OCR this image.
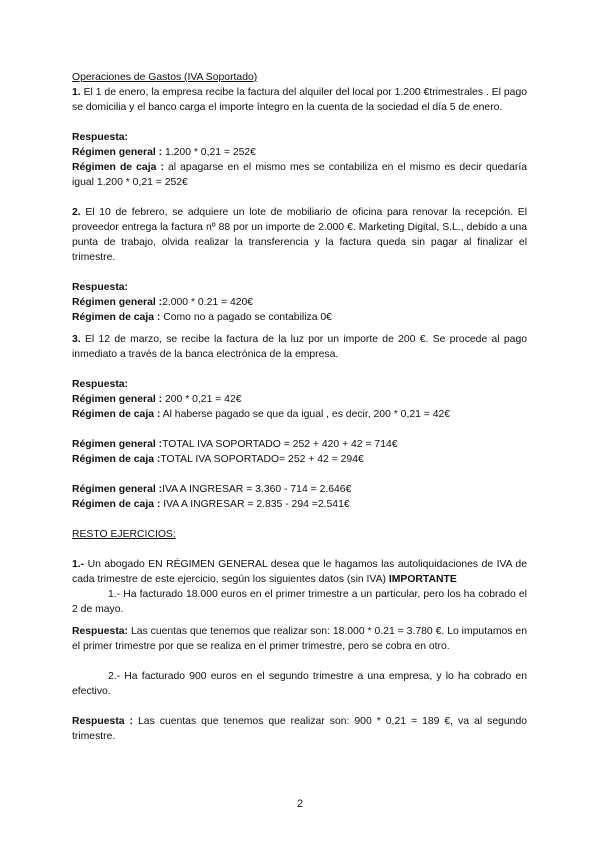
Operaciones de Gastos (IVA Soportado)

1. El 1 de enero, la empresa recibe la factura del alquiler del local por 1.200 €trimestrales . El pago se domicilia y el banco carga el importe íntegro en la cuenta de la sociedad el día 5 de enero.

Respuesta:

Régimen general : 1.200 * 0,21 = 252€

Régimen de caja : al apagarse en el mismo mes se contabiliza en el mismo es decir quedaría igual 1.200 * 0,21 = 252€

2. El 10 de febrero, se adquiere un lote de mobiliario de oficina para renovar la recepción. El proveedor entrega la factura nº 88 por un importe de 2.000 €. Marketing Digital, S.L., debido a una punta de trabajo, olvida realizar la transferencia y la factura queda sin pagar al finalizar el trimestre.

Respuesta:

Régimen general :2.000 * 0.21 = 420€

Régimen de caja : Como no a pagado se contabiliza 0€

3. El 12 de marzo, se recibe la factura de la luz por un importe de 200 €. Se procede al pago inmediato a través de la banca electrónica de la empresa.

Respuesta:

Régimen general : 200 * 0,21 = 42€

Régimen de caja : Al haberse pagado se que da igual , es decir, 200 * 0,21 = 42€

Régimen general :TOTAL IVA SOPORTADO = 252 + 420 + 42 = 714€

Régimen de caja :TOTAL IVA SOPORTADO= 252 + 42 = 294€

Régimen general :IVA A INGRESAR = 3.360 - 714 = 2.646€

Régimen de caja : IVA A INGRESAR = 2.835 - 294 =2.541€

RESTO EJERCICIOS:

1.- Un abogado EN RÉGIMEN GENERAL desea que le hagamos las autoliquidaciones de IVA de cada trimestre de este ejercicio, según los siguientes datos (sin IVA) IMPORTANTE

1.- Ha facturado 18.000 euros en el primer trimestre a un particular, pero los ha cobrado el 2 de mayo.

Respuesta: Las cuentas que tenemos que realizar son: 18.000 * 0.21 = 3.780 €. Lo imputamos en el primer trimestre por que se realiza en el primer trimestre, pero se cobra en otro.

2.- Ha facturado 900 euros en el segundo trimestre a una empresa, y lo ha cobrado en efectivo.

Respuesta : Las cuentas que tenemos que realizar son: 900 * 0,21 = 189 €, va al segundo trimestre.

2
